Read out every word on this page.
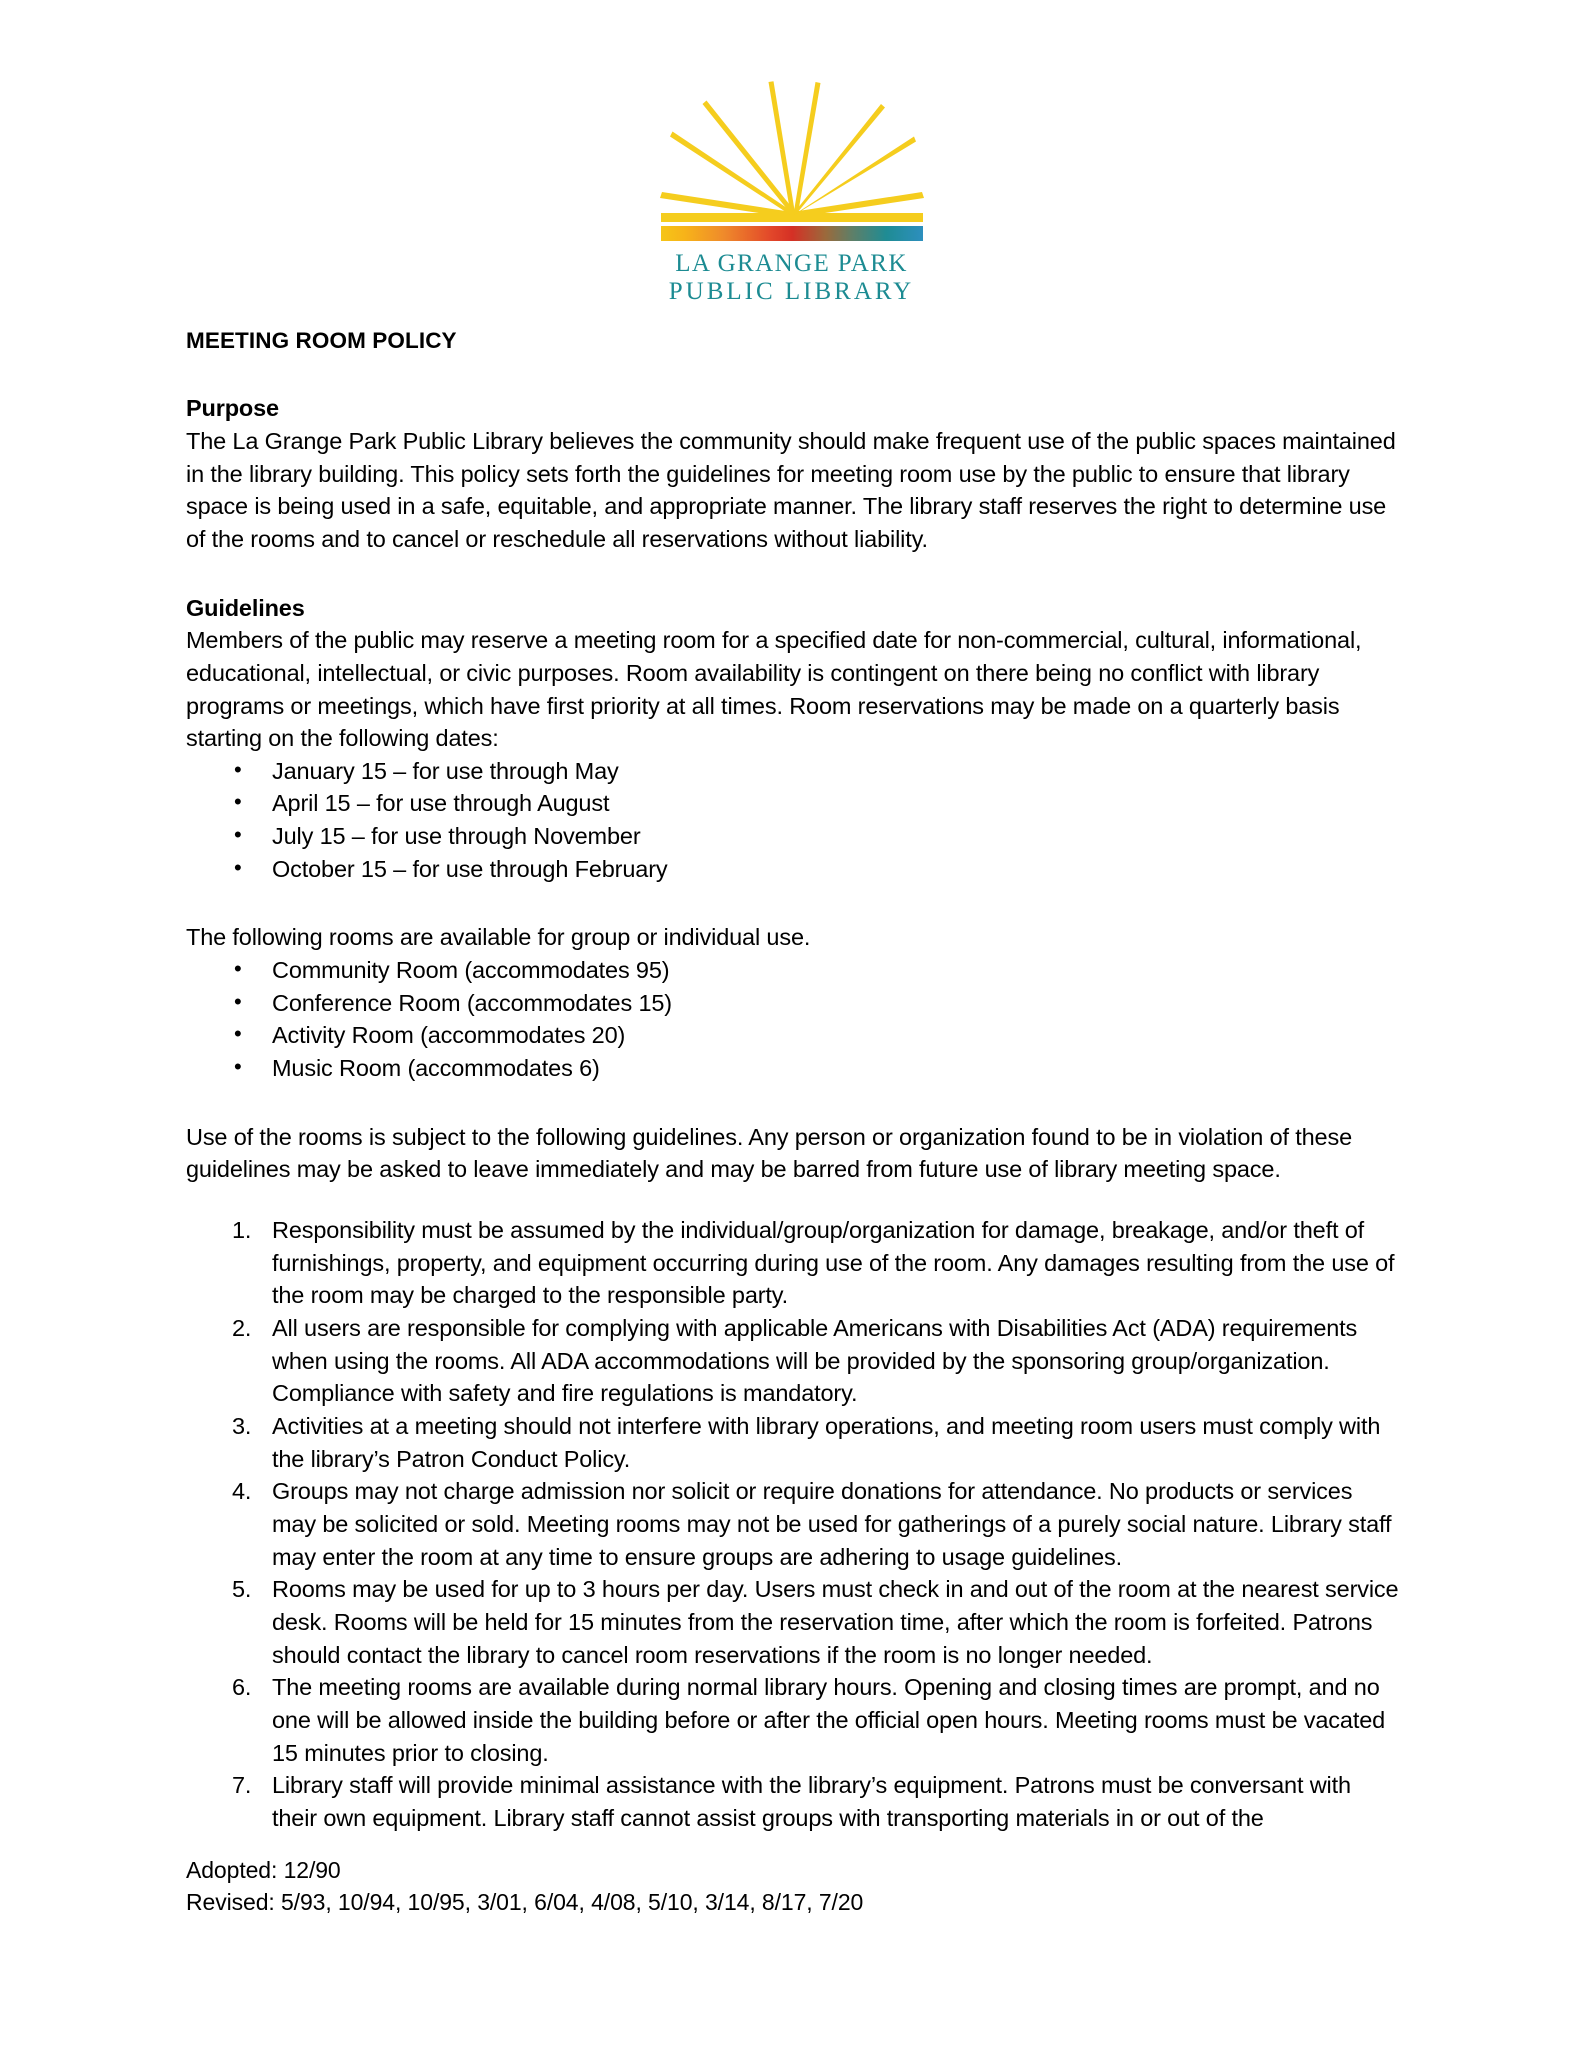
LA GRANGE PARK
PUBLIC LIBRARY

MEETING ROOM POLICY

Purpose

The La Grange Park Public Library believes the community should make frequent use of the public spaces maintained in the library building. This policy sets forth the guidelines for meeting room use by the public to ensure that library space is being used in a safe, equitable, and appropriate manner. The library staff reserves the right to determine use of the rooms and to cancel or reschedule all reservations without liability.

Guidelines

Members of the public may reserve a meeting room for a specified date for non-commercial, cultural, informational, educational, intellectual, or civic purposes. Room availability is contingent on there being no conflict with library programs or meetings, which have first priority at all times. Room reservations may be made on a quarterly basis starting on the following dates:

• January 15 – for use through May
• April 15 – for use through August
• July 15 – for use through November
• October 15 – for use through February

The following rooms are available for group or individual use.

• Community Room (accommodates 95)
• Conference Room (accommodates 15)
• Activity Room (accommodates 20)
• Music Room (accommodates 6)

Use of the rooms is subject to the following guidelines. Any person or organization found to be in violation of these guidelines may be asked to leave immediately and may be barred from future use of library meeting space.

1. Responsibility must be assumed by the individual/group/organization for damage, breakage, and/or theft of furnishings, property, and equipment occurring during use of the room. Any damages resulting from the use of the room may be charged to the responsible party.
2. All users are responsible for complying with applicable Americans with Disabilities Act (ADA) requirements when using the rooms. All ADA accommodations will be provided by the sponsoring group/organization. Compliance with safety and fire regulations is mandatory.
3. Activities at a meeting should not interfere with library operations, and meeting room users must comply with the library’s Patron Conduct Policy.
4. Groups may not charge admission nor solicit or require donations for attendance. No products or services may be solicited or sold. Meeting rooms may not be used for gatherings of a purely social nature. Library staff may enter the room at any time to ensure groups are adhering to usage guidelines.
5. Rooms may be used for up to 3 hours per day. Users must check in and out of the room at the nearest service desk. Rooms will be held for 15 minutes from the reservation time, after which the room is forfeited. Patrons should contact the library to cancel room reservations if the room is no longer needed.
6. The meeting rooms are available during normal library hours. Opening and closing times are prompt, and no one will be allowed inside the building before or after the official open hours. Meeting rooms must be vacated 15 minutes prior to closing.
7. Library staff will provide minimal assistance with the library’s equipment. Patrons must be conversant with their own equipment. Library staff cannot assist groups with transporting materials in or out of the

Adopted: 12/90

Revised: 5/93, 10/94, 10/95, 3/01, 6/04, 4/08, 5/10, 3/14, 8/17, 7/20
